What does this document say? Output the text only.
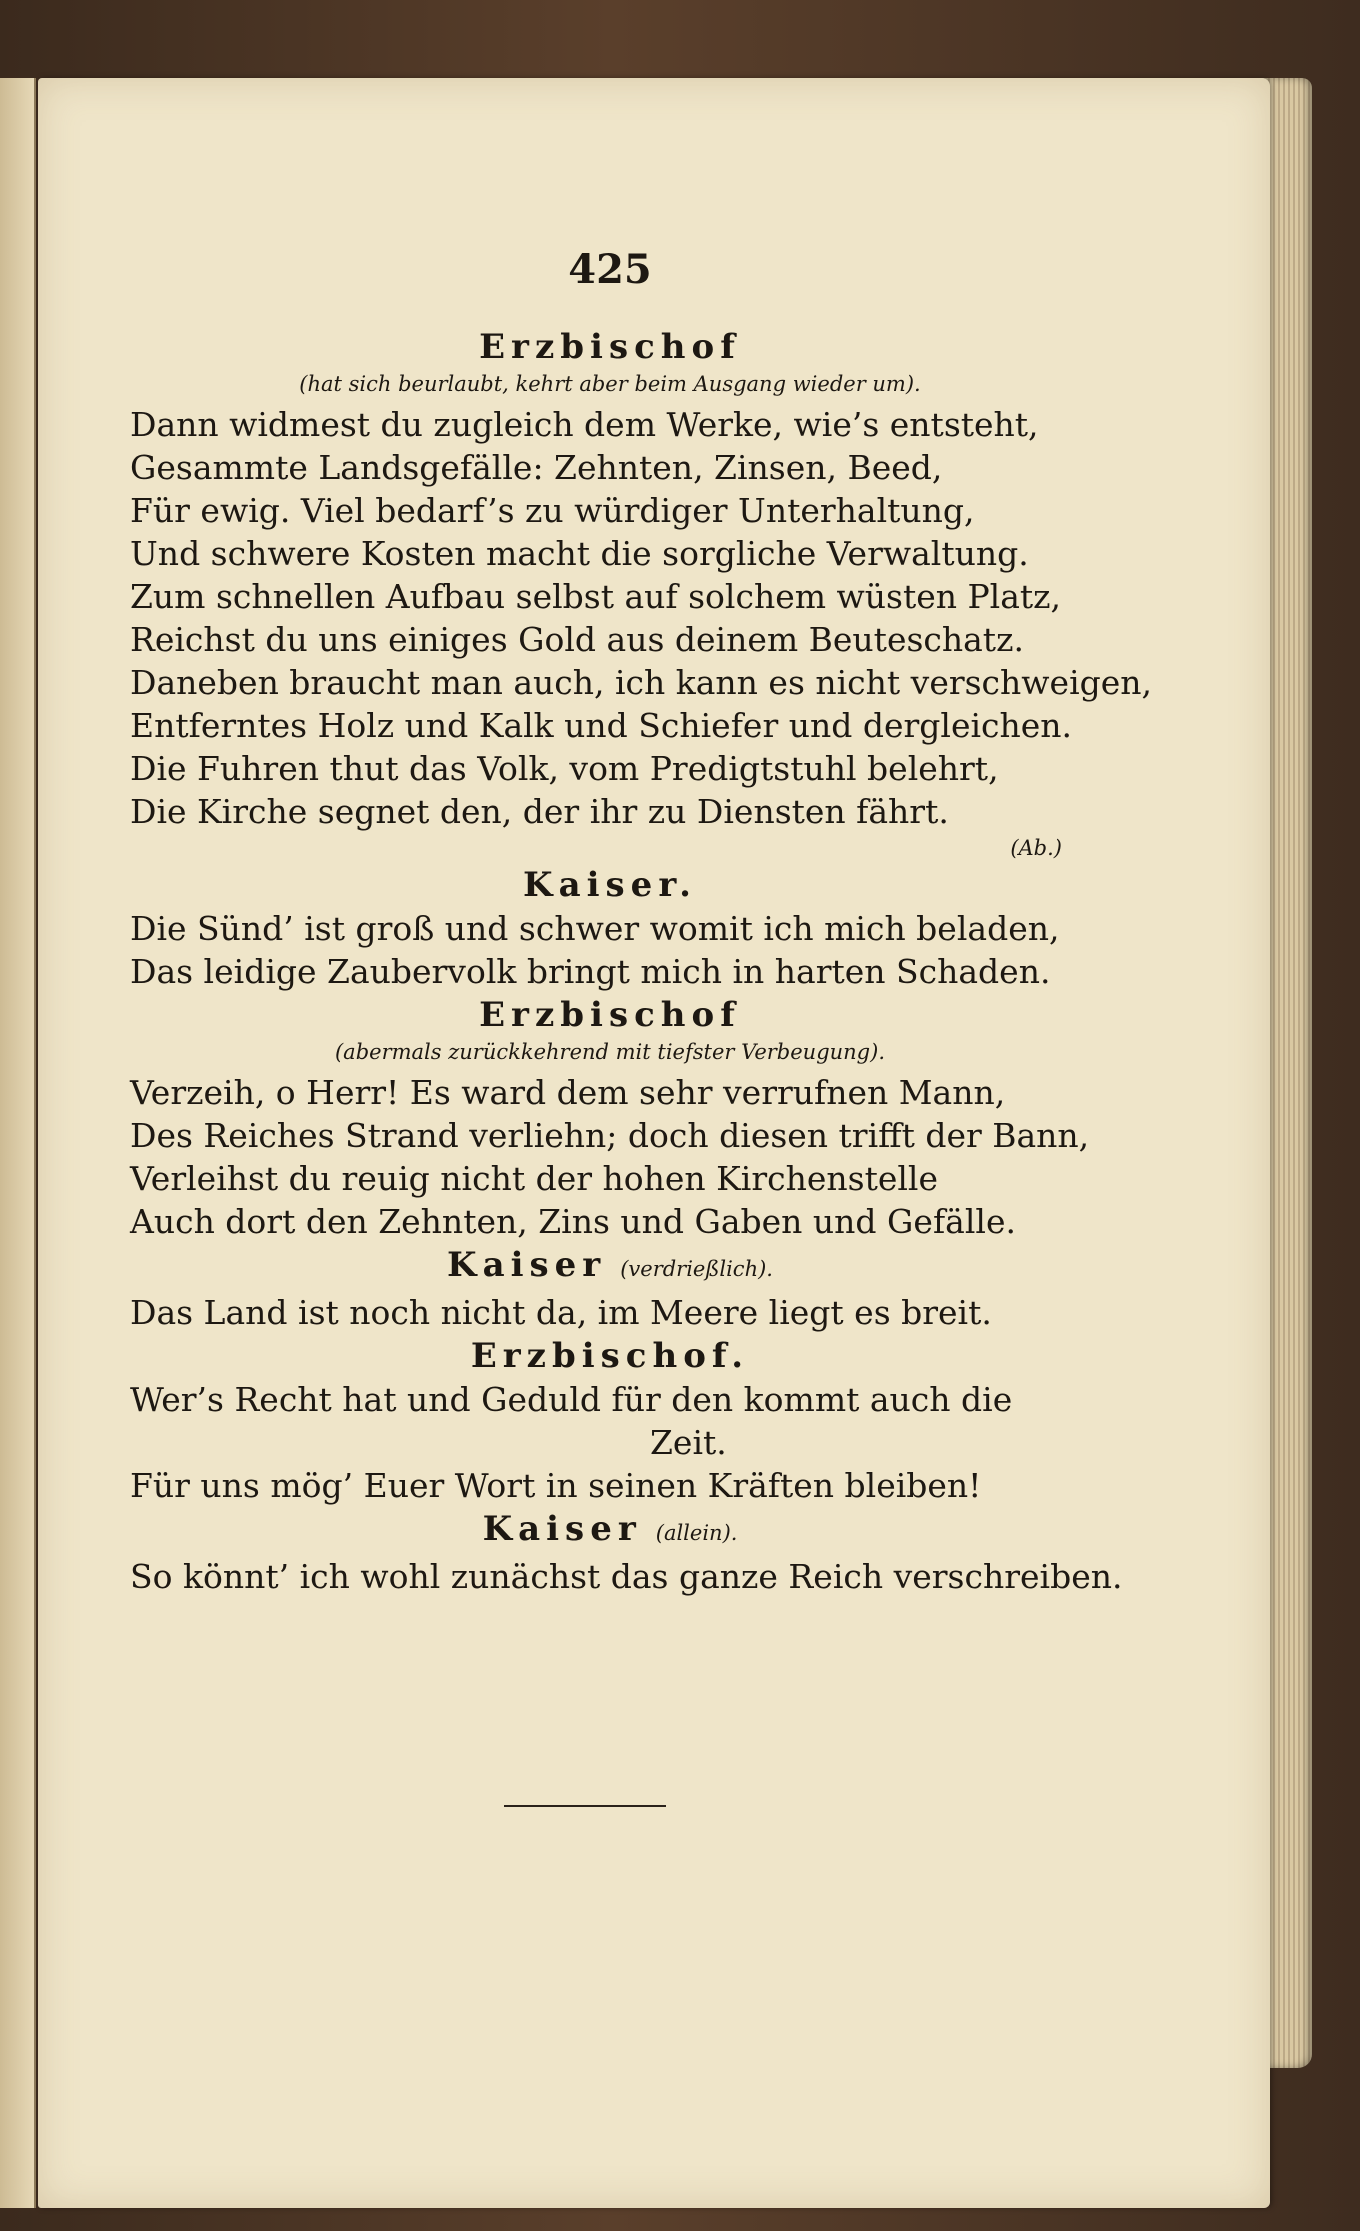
425

Erzbischof

(hat sich beurlaubt, kehrt aber beim Ausgang wieder um).

Dann widmest du zugleich dem Werke, wie’s entsteht,

Gesammte Landsgefälle: Zehnten, Zinsen, Beed,

Für ewig. Viel bedarf’s zu würdiger Unterhaltung,

Und schwere Kosten macht die sorgliche Verwaltung.

Zum schnellen Aufbau selbst auf solchem wüsten Platz,

Reichst du uns einiges Gold aus deinem Beuteschatz.

Daneben braucht man auch, ich kann es nicht verschweigen,

Entferntes Holz und Kalk und Schiefer und dergleichen.

Die Fuhren thut das Volk, vom Predigtstuhl belehrt,

Die Kirche segnet den, der ihr zu Diensten fährt.

(Ab.)

Kaiser.

Die Sünd’ ist groß und schwer womit ich mich beladen,

Das leidige Zaubervolk bringt mich in harten Schaden.

Erzbischof

(abermals zurückkehrend mit tiefster Verbeugung).

Verzeih, o Herr! Es ward dem sehr verrufnen Mann,

Des Reiches Strand verliehn; doch diesen trifft der Bann,

Verleihst du reuig nicht der hohen Kirchenstelle

Auch dort den Zehnten, Zins und Gaben und Gefälle.

Kaiser (verdrießlich).

Das Land ist noch nicht da, im Meere liegt es breit.

Erzbischof.

Wer’s Recht hat und Geduld für den kommt auch die

Zeit.

Für uns mög’ Euer Wort in seinen Kräften bleiben!

Kaiser (allein).

So könnt’ ich wohl zunächst das ganze Reich verschreiben.
